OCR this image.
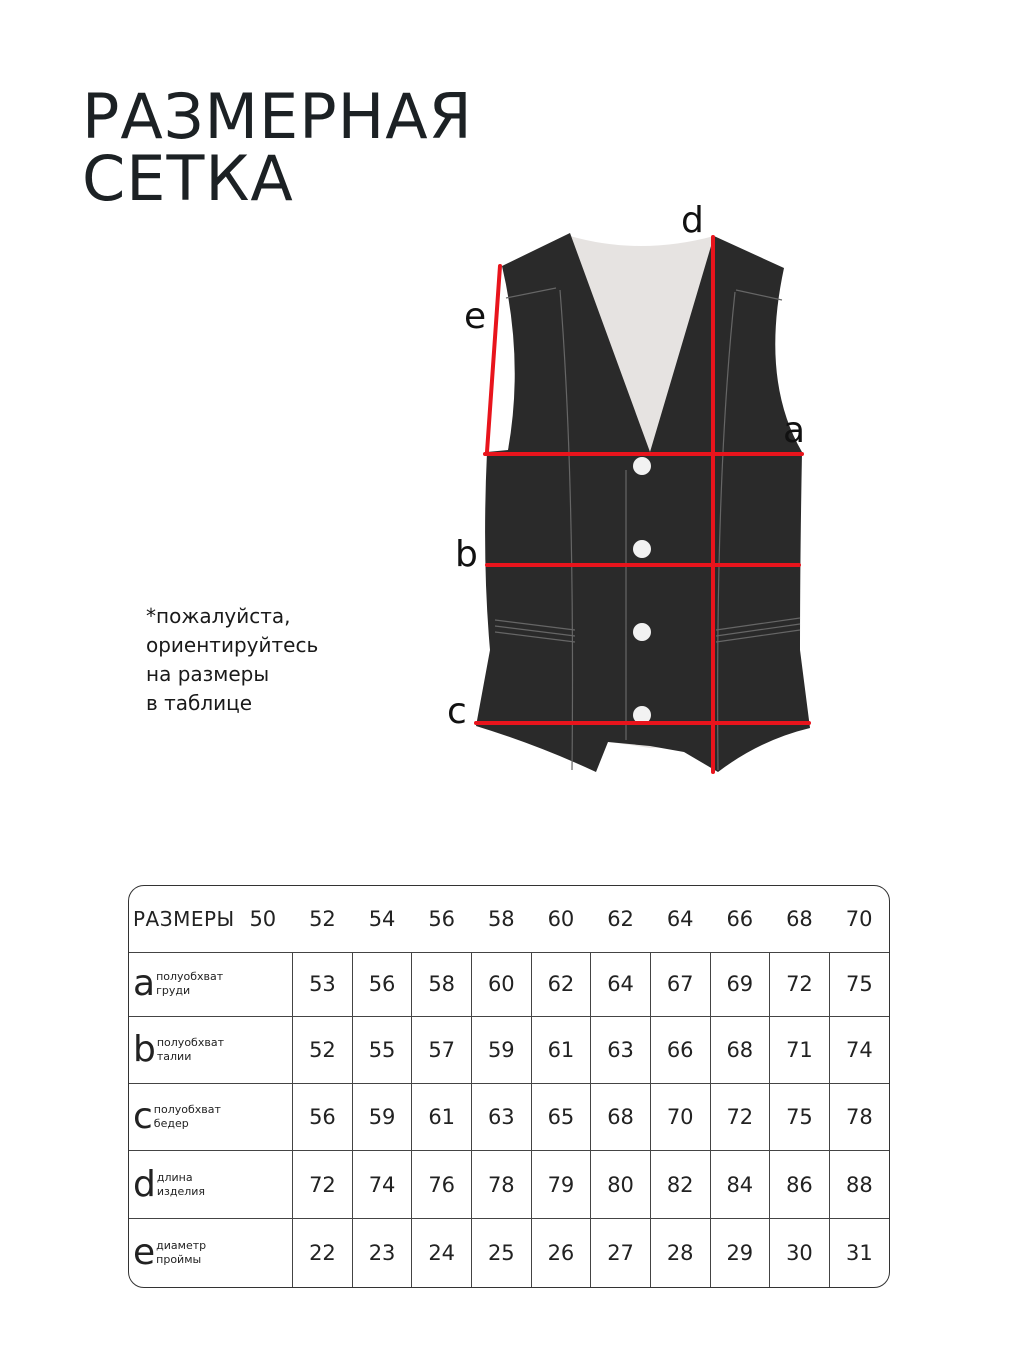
РАЗМЕРНАЯ
СЕТКА
*пожалуйста,
ориентируйтесь
на размеры
в таблице
d
e
a
b
c
РАЗМЕРЫ	50	52	54	56	58	60	62	64	66	68	70
a полуобхват
груди		53	56	58	60	62	64	67	69	72	75
b полуобхват
талии		52	55	57	59	61	63	66	68	71	74
c полуобхват
бедер		56	59	61	63	65	68	70	72	75	78
d длина
изделия		72	74	76	78	79	80	82	84	86	88
e диаметр
проймы		22	23	24	25	26	27	28	29	30	31
